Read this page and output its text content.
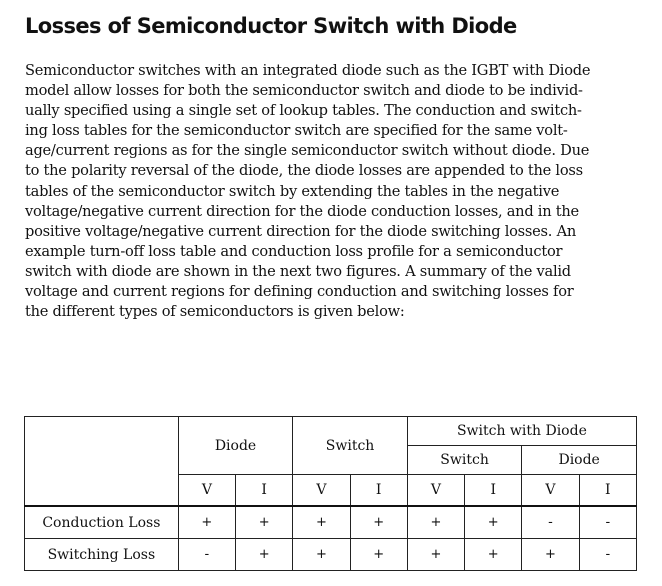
Losses of Semiconductor Switch with Diode
Semiconductor switches with an integrated diode such as the IGBT with Diode
model allow losses for both the semiconductor switch and diode to be individ-
ually specified using a single set of lookup tables. The conduction and switch-
ing loss tables for the semiconductor switch are specified for the same volt-
age/current regions as for the single semiconductor switch without diode. Due
to the polarity reversal of the diode, the diode losses are appended to the loss
tables of the semiconductor switch by extending the tables in the negative
voltage/negative current direction for the diode conduction losses, and in the
positive voltage/negative current direction for the diode switching losses. An
example turn-off loss table and conduction loss profile for a semiconductor
switch with diode are shown in the next two figures. A summary of the valid
voltage and current regions for defining conduction and switching losses for
the different types of semiconductors is given below:
	Diode		Switch		Switch with Diode			
					Switch		Diode	
	V	I	V	I	V	I	V	I
Conduction Loss	+	+	+	+	+	+	-	-
Switching Loss	-	+	+	+	+	+	+	-
